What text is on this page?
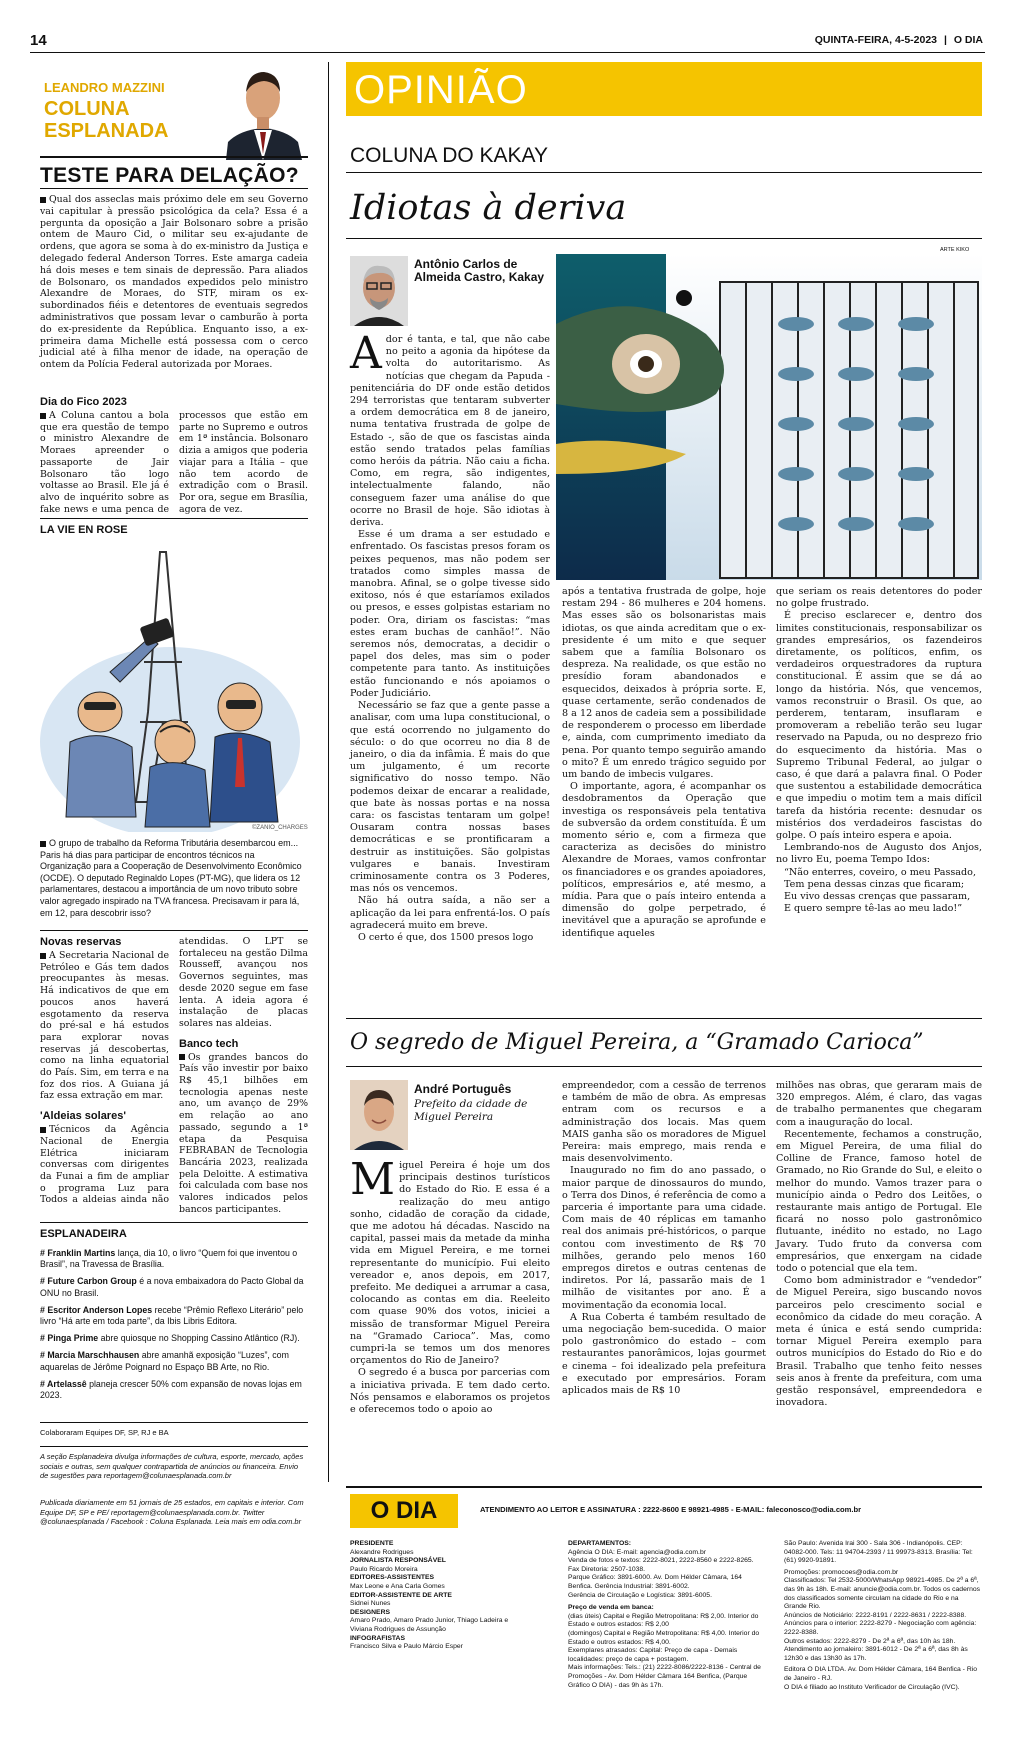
14	QUINTA-FEIRA, 4-5-2023 | O DIA
LEANDRO MAZZINI
COLUNA
ESPLANADA
TESTE PARA DELAÇÃO?

Qual dos asseclas mais próximo dele em seu Governo vai capitular à pressão psicológica da cela? Essa é a pergunta da oposição a Jair Bolsonaro sobre a prisão ontem de Mauro Cid, o militar seu ex-ajudante de ordens, que agora se soma à do ex-ministro da Justiça e delegado federal Anderson Torres. Este amarga cadeia há dois meses e tem sinais de depressão. Para aliados de Bolsonaro, os mandados expedidos pelo ministro Alexandre de Moraes, do STF, miram os ex-subordinados fiéis e detentores de eventuais segredos administrativos que possam levar o camburão à porta do ex-presidente da República. Enquanto isso, a ex-primeira dama Michelle está possessa com o cerco judicial até à filha menor de idade, na operação de ontem da Polícia Federal autorizada por Moraes.

Dia do Fico 2023

A Coluna cantou a bola que era questão de tempo o ministro Alexandre de Moraes apreender o passaporte de Jair Bolsonaro tão logo voltasse ao Brasil. Ele já é alvo de inquérito sobre as fake news e uma penca de processos que estão em parte no Supremo e outros em 1ª instância. Bolsonaro dizia a amigos que poderia viajar para a Itália – que não tem acordo de extradição com o Brasil. Por ora, segue em Brasília, agora de vez.

LA VIE EN ROSE
©ZANIO_CHARGES
O grupo de trabalho da Reforma Tributária desembarcou em... Paris há dias para participar de encontros técnicos na Organização para a Cooperação de Desenvolvimento Econômico (OCDE). O deputado Reginaldo Lopes (PT-MG), que lidera os 12 parlamentares, destacou a importância de um novo tributo sobre valor agregado inspirado na TVA francesa. Precisavam ir para lá, em 12, para descobrir isso?
Novas reservas

A Secretaria Nacional de Petróleo e Gás tem dados preocupantes às mesas. Há indicativos de que em poucos anos haverá esgotamento da reserva do pré-sal e há estudos para explorar novas reservas já descobertas, como na linha equatorial do País. Sim, em terra e na foz dos rios. A Guiana já faz essa extração em mar.

'Aldeias solares'

Técnicos da Agência Nacional de Energia Elétrica iniciaram conversas com dirigentes da Funai a fim de ampliar o programa Luz para Todos a aldeias ainda não atendidas. O LPT se fortaleceu na gestão Dilma Rousseff, avançou nos Governos seguintes, mas desde 2020 segue em fase lenta. A ideia agora é instalação de placas solares nas aldeias.

Banco tech

Os grandes bancos do País vão investir por baixo R$ 45,1 bilhões em tecnologia apenas neste ano, um avanço de 29% em relação ao ano passado, segundo a 1ª etapa da Pesquisa FEBRABAN de Tecnologia Bancária 2023, realizada pela Deloitte. A estimativa foi calculada com base nos valores indicados pelos bancos participantes.

ESPLANADEIRA
# Franklin Martins lança, dia 10, o livro “Quem foi que inventou o Brasil”, na Travessa de Brasília.
# Future Carbon Group é a nova embaixadora do Pacto Global da ONU no Brasil.
# Escritor Anderson Lopes recebe “Prêmio Reflexo Literário” pelo livro “Há arte em toda parte”, da Ibis Libris Editora.
# Pinga Prime abre quiosque no Shopping Cassino Atlântico (RJ).
# Marcia Marschhausen abre amanhã exposição “Luzes”, com aquarelas de Jérôme Poignard no Espaço BB Arte, no Rio.
# Artelassê planeja crescer 50% com expansão de novas lojas em 2023.
Colaboraram Equipes DF, SP, RJ e BA
A seção Esplanadeira divulga informações de cultura, esporte, mercado, ações sociais e outras, sem qualquer contrapartida de anúncios ou financeira. Envio de sugestões para reportagem@colunaesplanada.com.br
Publicada diariamente em 51 jornais de 25 estados, em capitais e interior. Com Equipe DF, SP e PE/ reportagem@colunaesplanada.com.br. Twitter @colunaesplanada / Facebook : Coluna Esplanada. Leia mais em odia.com.br
OPINIÃO
COLUNA DO KAKAY
Idiotas à deriva
ARTE KIKO
Antônio Carlos de Almeida Castro, Kakay

Ador é tanta, e tal, que não cabe no peito a agonia da hipótese da volta do autoritarismo. As notícias que chegam da Papuda - penitenciária do DF onde estão detidos 294 terroristas que tentaram subverter a ordem democrática em 8 de janeiro, numa tentativa frustrada de golpe de Estado -, são de que os fascistas ainda estão sendo tratados pelas famílias como heróis da pátria. Não caiu a ficha. Como, em regra, são indigentes, intelectualmente falando, não conseguem fazer uma análise do que ocorre no Brasil de hoje. São idiotas à deriva.

Esse é um drama a ser estudado e enfrentado. Os fascistas presos foram os peixes pequenos, mas não podem ser tratados como simples massa de manobra. Afinal, se o golpe tivesse sido exitoso, nós é que estaríamos exilados ou presos, e esses golpistas estariam no poder. Ora, diriam os fascistas: “mas estes eram buchas de canhão!”. Não seremos nós, democratas, a decidir o papel dos deles, mas sim o poder competente para tanto. As instituições estão funcionando e nós apoiamos o Poder Judiciário.

Necessário se faz que a gente passe a analisar, com uma lupa constitucional, o que está ocorrendo no julgamento do século: o do que ocorreu no dia 8 de janeiro, o dia da infâmia. É mais do que um julgamento, é um recorte significativo do nosso tempo. Não podemos deixar de encarar a realidade, que bate às nossas portas e na nossa cara: os fascistas tentaram um golpe! Ousaram contra nossas bases democráticas e se prontificaram a destruir as instituições. São golpistas vulgares e banais. Investiram criminosamente contra os 3 Poderes, mas nós os vencemos.

Não há outra saída, a não ser a aplicação da lei para enfrentá-los. O país agradecerá muito em breve.

O certo é que, dos 1500 presos logo

após a tentativa frustrada de golpe, hoje restam 294 - 86 mulheres e 204 homens. Mas esses são os bolsonaristas mais idiotas, os que ainda acreditam que o ex-presidente é um mito e que sequer sabem que a família Bolsonaro os despreza. Na realidade, os que estão no presídio foram abandonados e esquecidos, deixados à própria sorte. E, quase certamente, serão condenados de 8 a 12 anos de cadeia sem a possibilidade de responderem o processo em liberdade e, ainda, com cumprimento imediato da pena. Por quanto tempo seguirão amando o mito? É um enredo trágico seguido por um bando de imbecis vulgares.

O importante, agora, é acompanhar os desdobramentos da Operação que investiga os responsáveis pela tentativa de subversão da ordem constituída. É um momento sério e, com a firmeza que caracteriza as decisões do ministro Alexandre de Moraes, vamos confrontar os financiadores e os grandes apoiadores, políticos, empresários e, até mesmo, a mídia. Para que o país inteiro entenda a dimensão do golpe perpetrado, é inevitável que a apuração se aprofunde e identifique aqueles

que seriam os reais detentores do poder no golpe frustrado.

É preciso esclarecer e, dentro dos limites constitucionais, responsabilizar os grandes empresários, os fazendeiros diretamente, os políticos, enfim, os verdadeiros orquestradores da ruptura constitucional. É assim que se dá ao longo da história. Nós, que vencemos, vamos reconstruir o Brasil. Os que, ao perderem, tentaram, insuflaram e promoveram a rebelião terão seu lugar reservado na Papuda, ou no desprezo frio do esquecimento da história. Mas o Supremo Tribunal Federal, ao julgar o caso, é que dará a palavra final. O Poder que sustentou a estabilidade democrática e que impediu o motim tem a mais difícil tarefa da história recente: desnudar os mistérios dos verdadeiros fascistas do golpe. O país inteiro espera e apoia.

Lembrando-nos de Augusto dos Anjos, no livro Eu, poema Tempo Idos:

“Não enterres, coveiro, o meu Passado,

Tem pena dessas cinzas que ficaram;

Eu vivo dessas crenças que passaram,

E quero sempre tê-las ao meu lado!”

O segredo de Miguel Pereira, a “Gramado Carioca”
André Português
Prefeito da cidade de Miguel Pereira

Miguel Pereira é hoje um dos principais destinos turísticos do Estado do Rio. E essa é a realização do meu antigo sonho, cidadão de coração da cidade, que me adotou há décadas. Nascido na capital, passei mais da metade da minha vida em Miguel Pereira, e me tornei representante do município. Fui eleito vereador e, anos depois, em 2017, prefeito. Me dediquei a arrumar a casa, colocando as contas em dia. Reeleito com quase 90% dos votos, iniciei a missão de transformar Miguel Pereira na “Gramado Carioca”. Mas, como cumpri-la se temos um dos menores orçamentos do Rio de Janeiro?

O segredo é a busca por parcerias com a iniciativa privada. E tem dado certo. Nós pensamos e elaboramos os projetos e oferecemos todo o apoio ao

empreendedor, com a cessão de terrenos e também de mão de obra. As empresas entram com os recursos e a administração dos locais. Mas quem MAIS ganha são os moradores de Miguel Pereira: mais emprego, mais renda e mais desenvolvimento.

Inaugurado no fim do ano passado, o maior parque de dinossauros do mundo, o Terra dos Dinos, é referência de como a parceria é importante para uma cidade. Com mais de 40 réplicas em tamanho real dos animais pré-históricos, o parque contou com investimento de R$ 70 milhões, gerando pelo menos 160 empregos diretos e outras centenas de indiretos. Por lá, passarão mais de 1 milhão de visitantes por ano. É a movimentação da economia local.

A Rua Coberta é também resultado de uma negociação bem-sucedida. O maior polo gastronômico do estado – com restaurantes panorâmicos, lojas gourmet e cinema – foi idealizado pela prefeitura e executado por empresários. Foram aplicados mais de R$ 10

milhões nas obras, que geraram mais de 320 empregos. Além, é claro, das vagas de trabalho permanentes que chegaram com a inauguração do local.

Recentemente, fechamos a construção, em Miguel Pereira, de uma filial do Colline de France, famoso hotel de Gramado, no Rio Grande do Sul, e eleito o melhor do mundo. Vamos trazer para o município ainda o Pedro dos Leitões, o restaurante mais antigo de Portugal. Ele ficará no nosso polo gastronômico flutuante, inédito no estado, no Lago Javary. Tudo fruto da conversa com empresários, que enxergam na cidade todo o potencial que ela tem.

Como bom administrador e “vendedor” de Miguel Pereira, sigo buscando novos parceiros pelo crescimento social e econômico da cidade do meu coração. A meta é única e está sendo cumprida: tornar Miguel Pereira exemplo para outros municípios do Estado do Rio e do Brasil. Trabalho que tenho feito nesses seis anos à frente da prefeitura, com uma gestão responsável, empreendedora e inovadora.

O DIA	ATENDIMENTO AO LEITOR E ASSINATURA : 2222-8600 E 98921-4985 - E-MAIL: faleconosco@odia.com.br
PRESIDENTE
Alexandre Rodrigues
JORNALISTA RESPONSÁVEL
Paulo Ricardo Moreira
EDITORES-ASSISTENTES
Max Leone e Ana Carla Gomes
EDITOR-ASSISTENTE DE ARTE
Sidnei Nunes
DESIGNERS
Amaro Prado, Amaro Prado Junior, Thiago Ladeira e Viviana Rodrigues de Assunção
INFOGRAFISTAS
Francisco Silva e Paulo Márcio Esper
DEPARTAMENTOS:
Agência O DIA: E-mail: agencia@odia.com.br
Venda de fotos e textos: 2222-8021, 2222-8560 e 2222-8265.
Fax Diretoria: 2507-1038.
Parque Gráfico: 3891-6000. Av. Dom Hélder Câmara, 164 Benfica. Gerência Industrial: 3891-6002.
Gerência de Circulação e Logística: 3891-6005.
Preço de venda em banca:
(dias úteis) Capital e Região Metropolitana: R$ 2,00. Interior do Estado e outros estados: R$ 2,00
(domingos) Capital e Região Metropolitana: R$ 4,00. Interior do Estado e outros estados: R$ 4,00.
Exemplares atrasados: Capital: Preço de capa - Demais localidades: preço de capa + postagem.
Mais informações: Tels.: (21) 2222-8086/2222-8136 - Central de Promoções - Av. Dom Hélder Câmara 164 Benfica, (Parque Gráfico O DIA) - das 9h às 17h.
São Paulo: Avenida Irai 300 - Sala 306 - Indianópolis. CEP: 04082-000. Tels: 11 94704-2393 / 11 99973-8313. Brasília: Tel: (61) 9920-91891.
Promoções: promocoes@odia.com.br
Classificados: Tel 2532-5000/WhatsApp 98921-4985. De 2ª a 6ª, das 9h às 18h. E-mail: anuncie@odia.com.br. Todos os cadernos dos classificados somente circulam na cidade do Rio e na Grande Rio.
Anúncios de Noticiário: 2222-8191 / 2222-8631 / 2222-8388. Anúncios para o interior: 2222-8279 - Negociação com agência: 2222-8388.
Outros estados: 2222-8279 - De 2ª a 6ª, das 10h às 18h. Atendimento ao jornaleiro: 3891-6012 - De 2ª a 6ª, das 8h às 12h30 e das 13h30 às 17h.
Editora O DIA LTDA. Av. Dom Hélder Câmara, 164 Benfica - Rio de Janeiro - RJ.
O DIA é filiado ao Instituto Verificador de Circulação (IVC).
